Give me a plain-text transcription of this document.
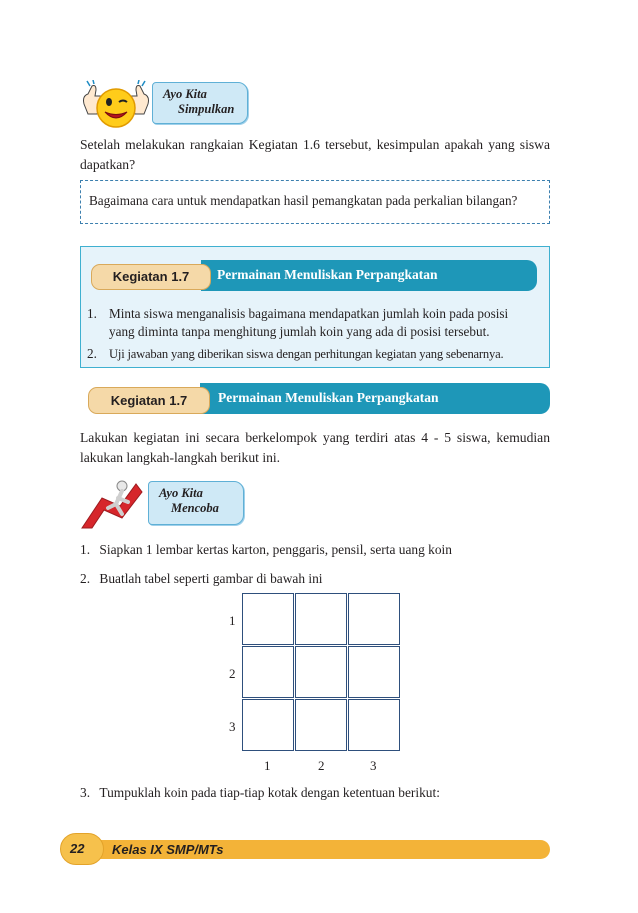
Ayo Kita
Simpulkan
Setelah melakukan rangkaian Kegiatan 1.6 tersebut, kesimpulan apakah yang siswa dapatkan?
Bagaimana cara untuk mendapatkan hasil pemangkatan pada perkalian bilangan?
Permainan Menuliskan Perpangkatan
Kegiatan 1.7
1. Minta siswa menganalisis bagaimana mendapatkan jumlah koin pada posisi
yang diminta tanpa menghitung jumlah koin yang ada di posisi tersebut.
2. Uji jawaban yang diberikan siswa dengan perhitungan kegiatan yang sebenarnya.
Permainan Menuliskan Perpangkatan
Kegiatan 1.7
Lakukan kegiatan ini secara berkelompok yang terdiri atas 4 - 5 siswa, kemudian lakukan langkah-langkah berikut ini.
Ayo Kita
Mencoba
1. Siapkan 1 lembar kertas karton, penggaris, pensil, serta uang koin
2. Buatlah tabel seperti gambar di bawah ini
1
2
3
1	2	3
3. Tumpuklah koin pada tiap-tiap kotak dengan ketentuan berikut:
22 Kelas IX SMP/MTs
